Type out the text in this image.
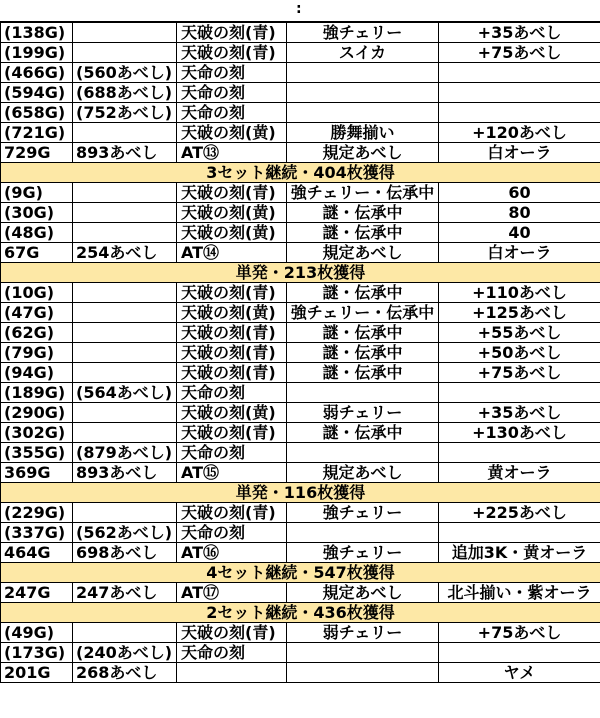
:
(138G)		天破の刻(青)	強チェリー	+35あべし
(199G)		天破の刻(青)	スイカ	+75あべし
(466G)	(560あべし)	天命の刻		
(594G)	(688あべし)	天命の刻		
(658G)	(752あべし)	天命の刻		
(721G)		天破の刻(黄)	勝舞揃い	+120あべし
729G	893あべし	AT⑬	規定あべし	白オーラ
3セット継続・404枚獲得				
(9G)		天破の刻(青)	強チェリー・伝承中	60
(30G)		天破の刻(黄)	謎・伝承中	80
(48G)		天破の刻(黄)	謎・伝承中	40
67G	254あべし	AT⑭	規定あべし	白オーラ
単発・213枚獲得				
(10G)		天破の刻(青)	謎・伝承中	+110あべし
(47G)		天破の刻(黄)	強チェリー・伝承中	+125あべし
(62G)		天破の刻(青)	謎・伝承中	+55あべし
(79G)		天破の刻(青)	謎・伝承中	+50あべし
(94G)		天破の刻(青)	謎・伝承中	+75あべし
(189G)	(564あべし)	天命の刻		
(290G)		天破の刻(黄)	弱チェリー	+35あべし
(302G)		天破の刻(青)	謎・伝承中	+130あべし
(355G)	(879あべし)	天命の刻		
369G	893あべし	AT⑮	規定あべし	黄オーラ
単発・116枚獲得				
(229G)		天破の刻(青)	強チェリー	+225あべし
(337G)	(562あべし)	天命の刻		
464G	698あべし	AT⑯	強チェリー	追加3K・黄オーラ
4セット継続・547枚獲得				
247G	247あべし	AT⑰	規定あべし	北斗揃い・紫オーラ
2セット継続・436枚獲得				
(49G)		天破の刻(青)	弱チェリー	+75あべし
(173G)	(240あべし)	天命の刻		
201G	268あべし			ヤメ
